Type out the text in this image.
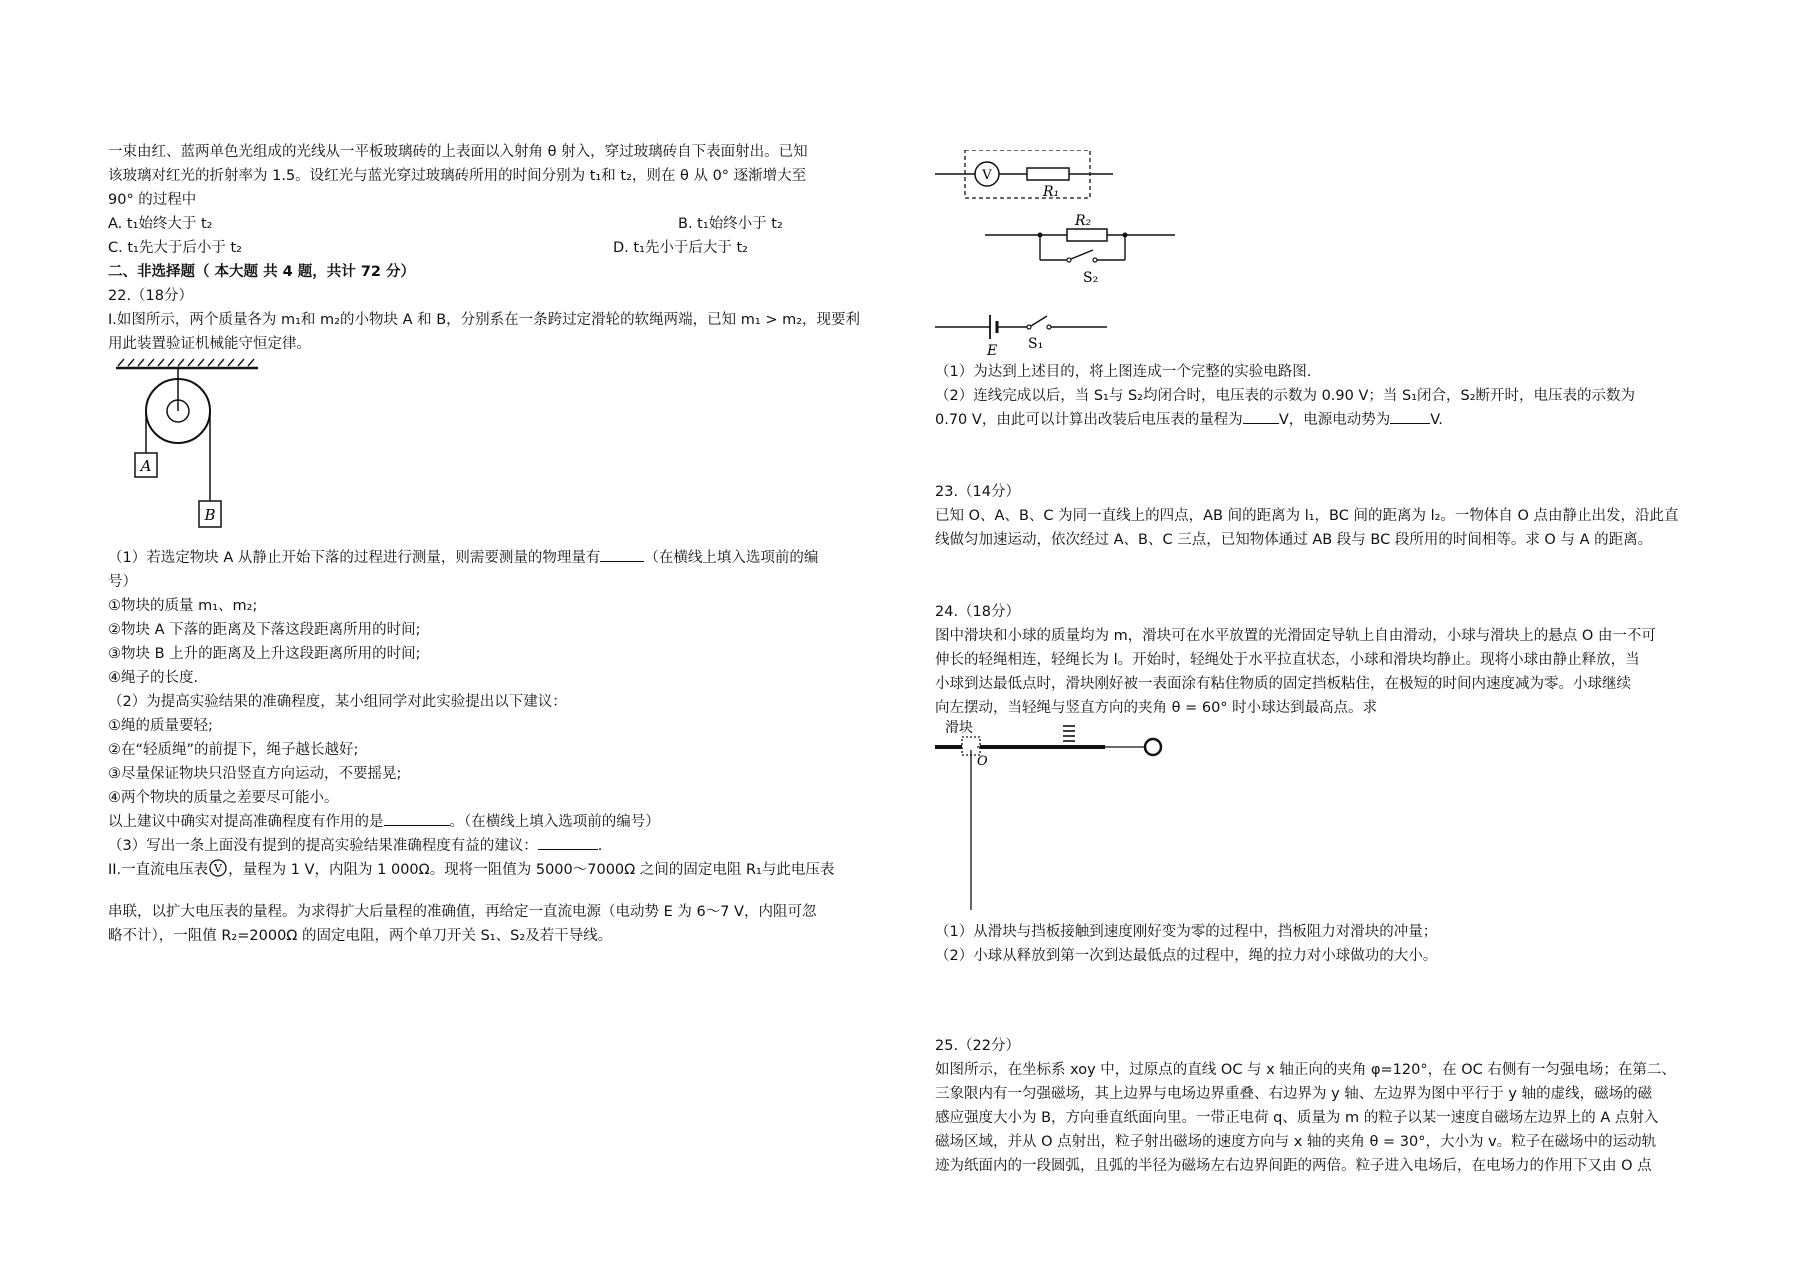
一束由红、蓝两单色光组成的光线从一平板玻璃砖的上表面以入射角 θ 射入，穿过玻璃砖自下表面射出。已知

该玻璃对红光的折射率为 1.5。设红光与蓝光穿过玻璃砖所用的时间分别为 t₁和 t₂，则在 θ 从 0° 逐渐增大至

90° 的过程中

A. t₁始终大于 t₂	B. t₁始终小于 t₂
C. t₁先大于后小于 t₂	D. t₁先小于后大于 t₂

二、非选择题（ 本大题 共 4 题，共计 72 分）

22.（18分）

I.如图所示，两个质量各为 m₁和 m₂的小物块 A 和 B，分别系在一条跨过定滑轮的软绳两端，已知 m₁ > m₂，现要利

用此装置验证机械能守恒定律。

A
B

（1）若选定物块 A 从静止开始下落的过程进行测量，则需要测量的物理量有	（在横线上填入选项前的编

号）

①物块的质量 m₁、m₂;

②物块 A 下落的距离及下落这段距离所用的时间;

③物块 B 上升的距离及上升这段距离所用的时间;

④绳子的长度.

（2）为提高实验结果的准确程度，某小组同学对此实验提出以下建议：

①绳的质量要轻;

②在“轻质绳”的前提下，绳子越长越好;

③尽量保证物块只沿竖直方向运动，不要摇晃;

④两个物块的质量之差要尽可能小。

以上建议中确实对提高准确程度有作用的是	。（在横线上填入选项前的编号）

（3）写出一条上面没有提到的提高实验结果准确程度有益的建议：	.

II.一直流电压表 V ，量程为 1 V，内阻为 1 000Ω。现将一阻值为 5000～7000Ω 之间的固定电阻 R₁与此电压表

串联，以扩大电压表的量程。为求得扩大后量程的准确值，再给定一直流电源（电动势 E 为 6～7 V，内阻可忽

略不计），一阻值 R₂=2000Ω 的固定电阻，两个单刀开关 S₁、S₂及若干导线。

V
R₁
R₂
S₂
S₁
E

（1）为达到上述目的，将上图连成一个完整的实验电路图.

（2）连线完成以后，当 S₁与 S₂均闭合时，电压表的示数为 0.90 V；当 S₁闭合，S₂断开时，电压表的示数为

0.70 V，由此可以计算出改装后电压表的量程为 V，电源电动势为	V.

23.（14分）

已知 O、A、B、C 为同一直线上的四点，AB 间的距离为 l₁，BC 间的距离为 l₂。一物体自 O 点由静止出发，沿此直

线做匀加速运动，依次经过 A、B、C 三点，已知物体通过 AB 段与 BC 段所用的时间相等。求 O 与 A 的距离。

24.（18分）

图中滑块和小球的质量均为 m，滑块可在水平放置的光滑固定导轨上自由滑动，小球与滑块上的悬点 O 由一不可

伸长的轻绳相连，轻绳长为 l。开始时，轻绳处于水平拉直状态，小球和滑块均静止。现将小球由静止释放，当

小球到达最低点时，滑块刚好被一表面涂有粘住物质的固定挡板粘住，在极短的时间内速度减为零。小球继续

向左摆动，当轻绳与竖直方向的夹角 θ = 60° 时小球达到最高点。求

滑块
O

（1）从滑块与挡板接触到速度刚好变为零的过程中，挡板阻力对滑块的冲量；

（2）小球从释放到第一次到达最低点的过程中，绳的拉力对小球做功的大小。

25.（22分）

如图所示，在坐标系 xoy 中，过原点的直线 OC 与 x 轴正向的夹角 φ=120°，在 OC 右侧有一匀强电场；在第二、

三象限内有一匀强磁场，其上边界与电场边界重叠、右边界为 y 轴、左边界为图中平行于 y 轴的虚线，磁场的磁

感应强度大小为 B，方向垂直纸面向里。一带正电荷 q、质量为 m 的粒子以某一速度自磁场左边界上的 A 点射入

磁场区域，并从 O 点射出，粒子射出磁场的速度方向与 x 轴的夹角 θ = 30°，大小为 v。粒子在磁场中的运动轨

迹为纸面内的一段圆弧，且弧的半径为磁场左右边界间距的两倍。粒子进入电场后，在电场力的作用下又由 O 点
